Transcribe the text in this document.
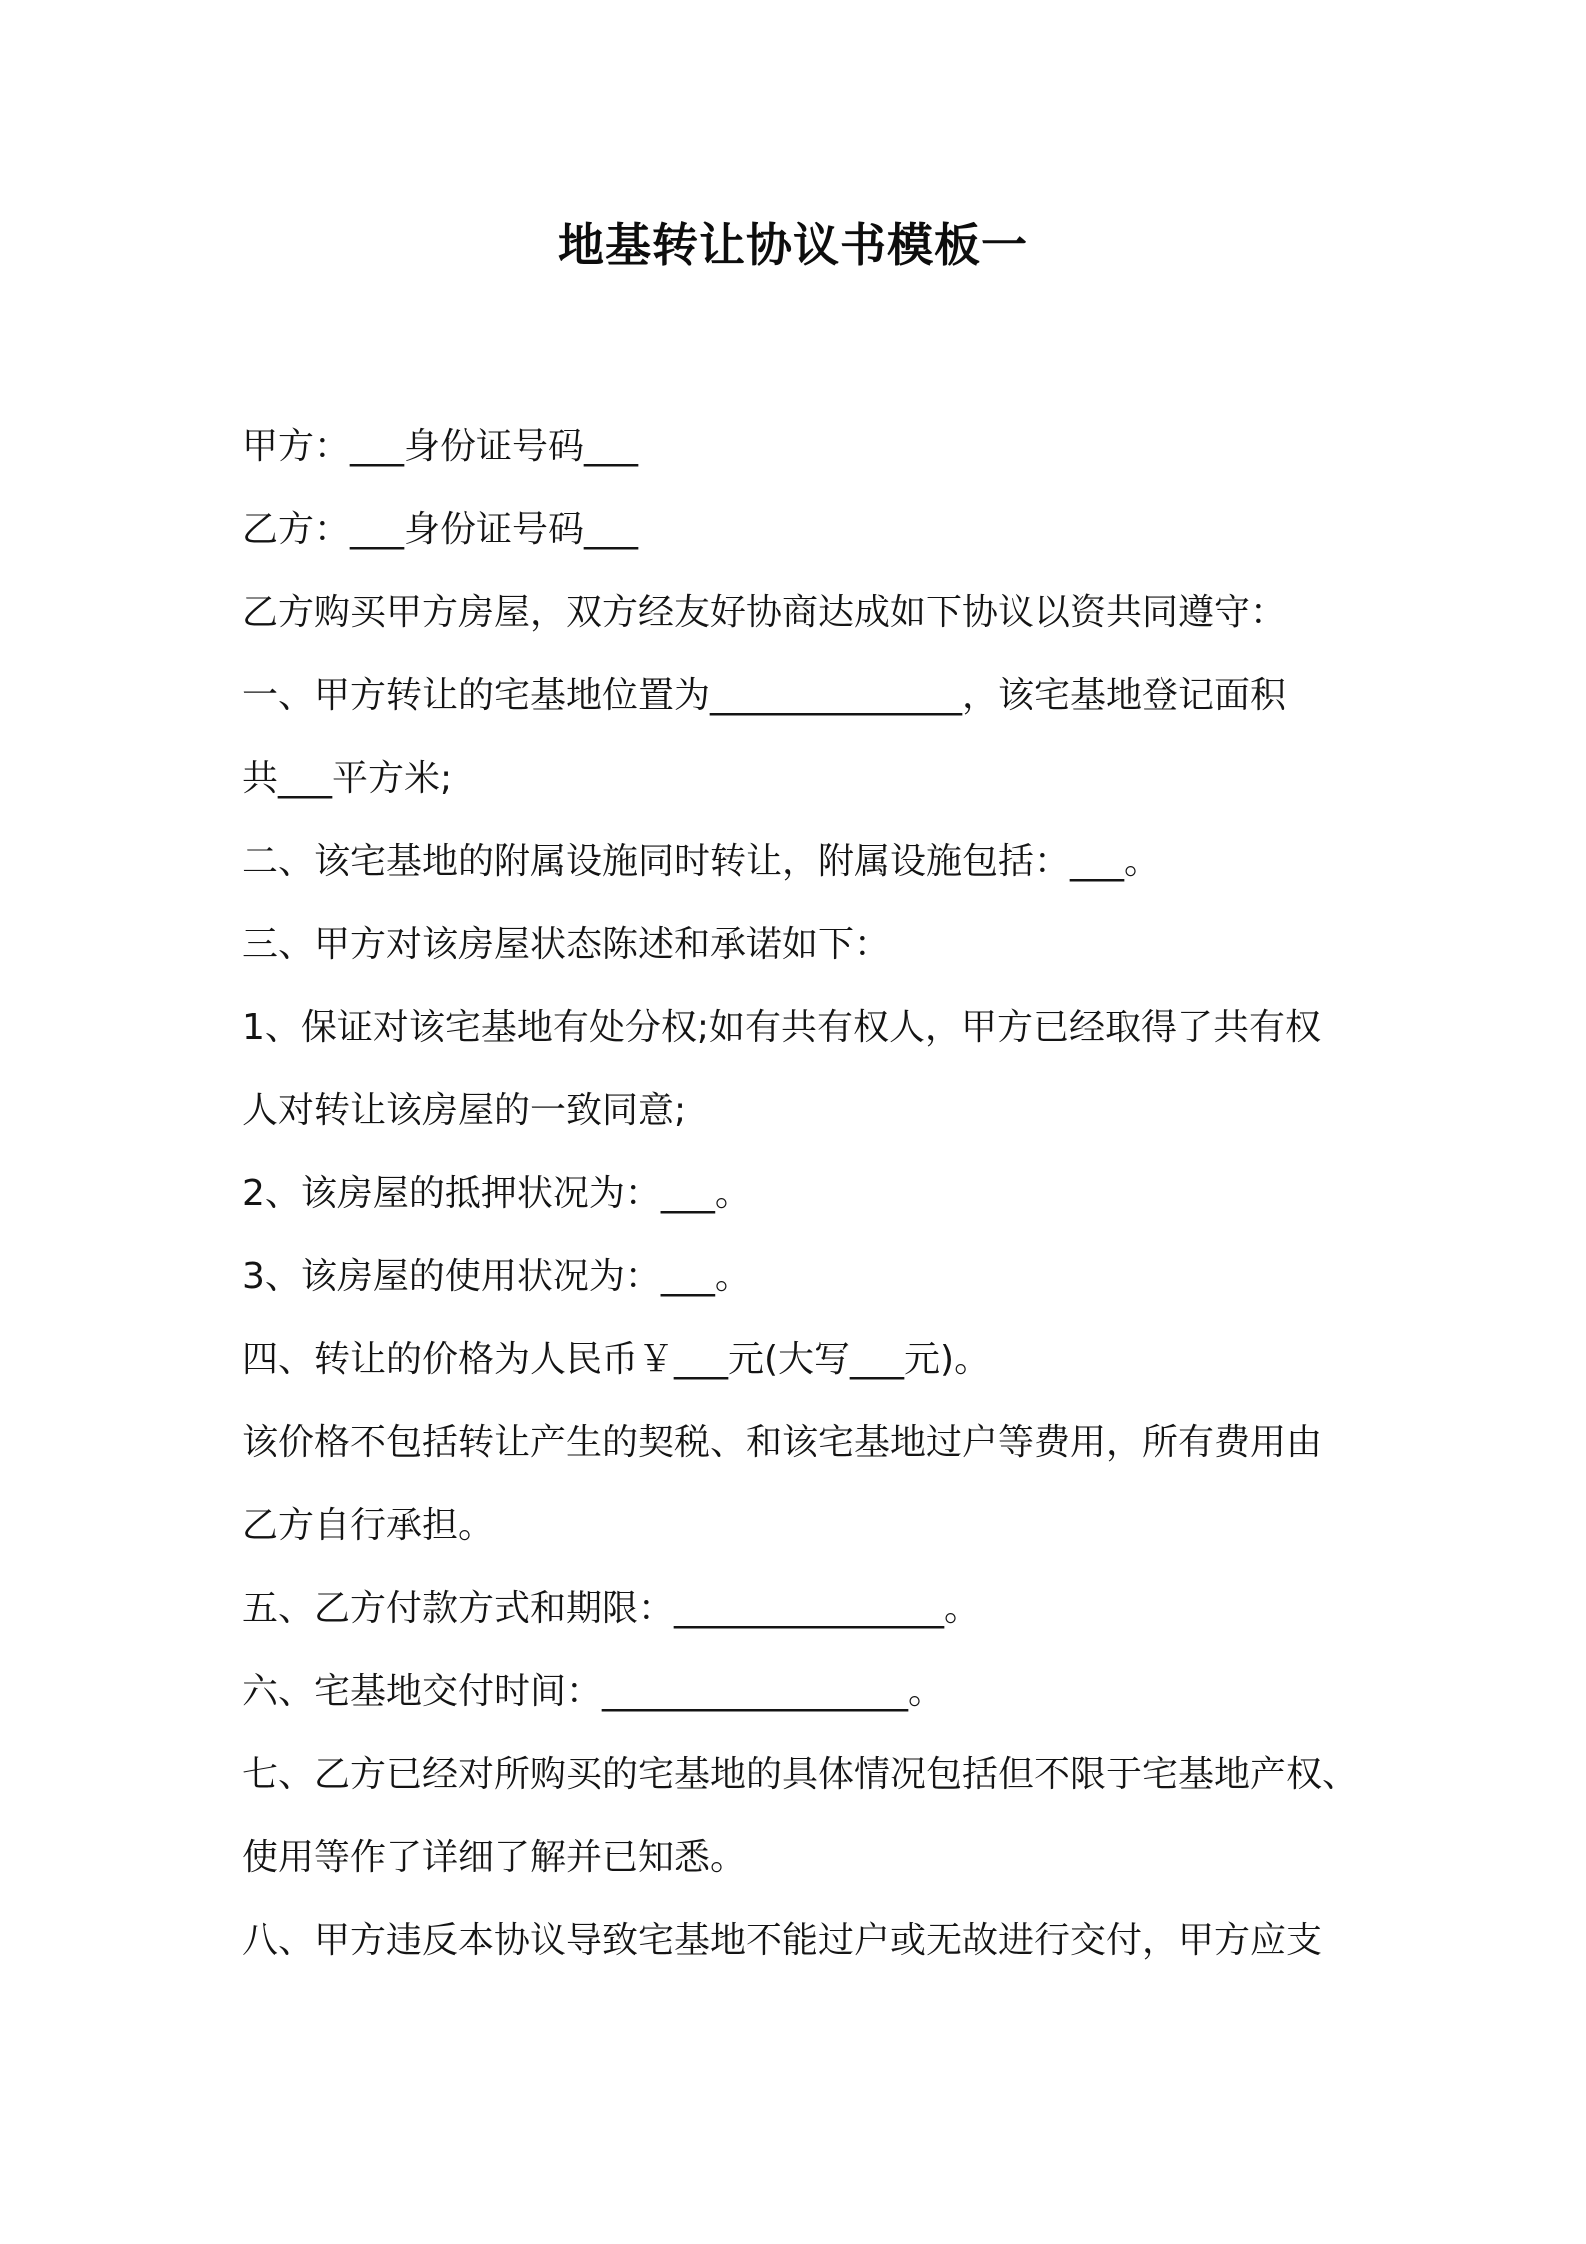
地基转让协议书模板一

甲方：___身份证号码___

乙方：___身份证号码___

乙方购买甲方房屋，双方经友好协商达成如下协议以资共同遵守：

一、甲方转让的宅基地位置为______________，该宅基地登记面积

共___平方米;

二、该宅基地的附属设施同时转让，附属设施包括：___。

三、甲方对该房屋状态陈述和承诺如下：

1、保证对该宅基地有处分权;如有共有权人，甲方已经取得了共有权

人对转让该房屋的一致同意;

2、该房屋的抵押状况为：___。

3、该房屋的使用状况为：___。

四、转让的价格为人民币￥___元(大写___元)。

该价格不包括转让产生的契税、和该宅基地过户等费用，所有费用由

乙方自行承担。

五、乙方付款方式和期限：_______________。

六、宅基地交付时间：_________________。

七、乙方已经对所购买的宅基地的具体情况包括但不限于宅基地产权、

使用等作了详细了解并已知悉。

八、甲方违反本协议导致宅基地不能过户或无故进行交付，甲方应支
